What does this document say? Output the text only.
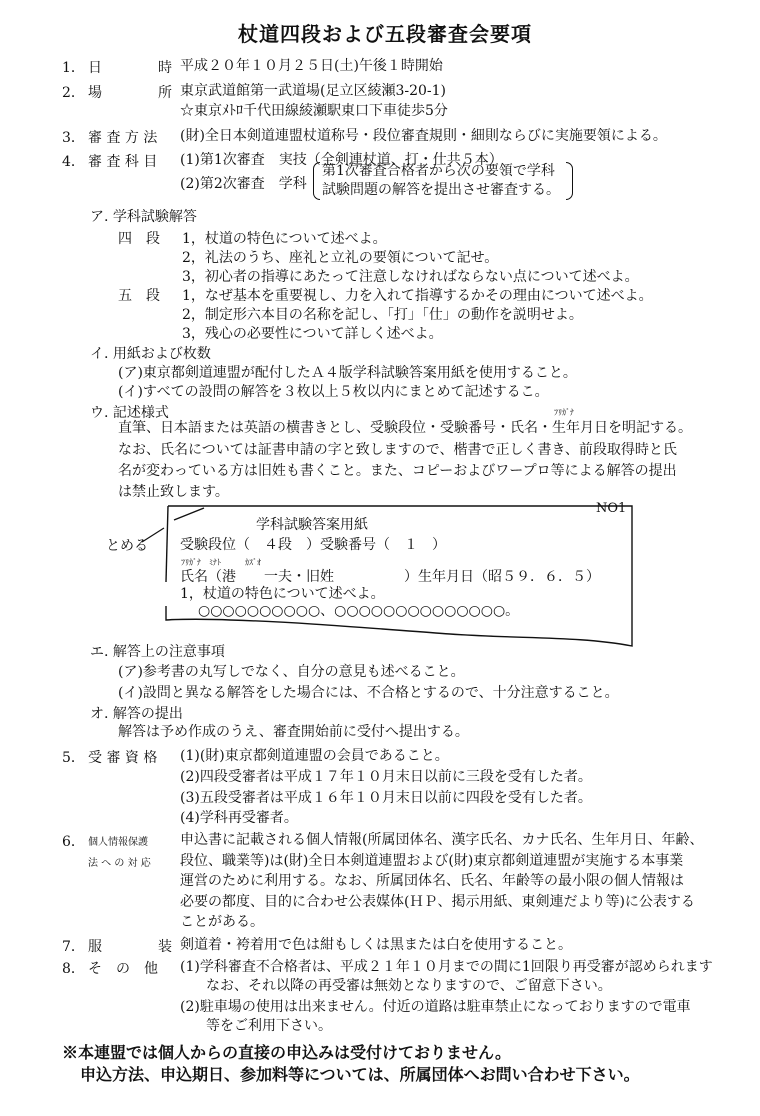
杖道四段および五段審査会要項
1． 日　　　　時 平成２０年１０月２５日(土)午後１時開始
2． 場　　　　所 東京武道館第一武道場(足立区綾瀬3-20-1)
☆東京ﾒﾄﾛ千代田線綾瀬駅東口下車徒歩5分
3． 審 査 方 法 (財)全日本剣道連盟杖道称号・段位審査規則・細則ならびに実施要領による。
4． 審 査 科 目 (1)第1次審査　実技（全剣連杖道、打・仕共５本）
(2)第2次審査　学科
第1次審査合格者から次の要領で学科
試験問題の解答を提出させ審査する。
ア. 学科試験解答
四　段 1，杖道の特色について述べよ。
2，礼法のうち、座礼と立礼の要領について記せ。
3，初心者の指導にあたって注意しなければならない点について述べよ。
五　段 1，なぜ基本を重要視し、力を入れて指導するかその理由について述べよ。
2，制定形六本目の名称を記し、「打」「仕」の動作を説明せよ。
3，残心の必要性について詳しく述べよ。
イ. 用紙および枚数
(ア)東京都剣道連盟が配付したＡ４版学科試験答案用紙を使用すること。
(イ)すべての設問の解答を３枚以上５枚以内にまとめて記述するこ。
ウ. 記述様式	ﾌﾘｶﾞﾅ
直筆、日本語または英語の横書きとし、受験段位・受験番号・氏名・生年月日を明記する。
なお、氏名については証書申請の字と致しますので、楷書で正しく書き、前段取得時と氏
名が変わっている方は旧姓も書くこと。また、コピーおよびワープロ等による解答の提出
は禁止致します。
NO1
とめる
学科試験答案用紙
受験段位（　４段　）受験番号（　１　）
ﾌﾘｶﾞﾅ　ﾐﾅﾄ　　　ｶｽﾞｵ
氏名（港　　一夫・旧姓　　　　　）生年月日（昭５９．６．５）
1，杖道の特色について述べよ。
○○○○○○○○○○、○○○○○○○○○○○○○○。
エ. 解答上の注意事項
(ア)参考書の丸写しでなく、自分の意見も述べること。
(イ)設問と異なる解答をした場合には、不合格とするので、十分注意すること。
オ. 解答の提出
解答は予め作成のうえ、審査開始前に受付へ提出する。
5． 受 審 資 格 (1)(財)東京都剣道連盟の会員であること。
(2)四段受審者は平成１７年１０月末日以前に三段を受有した者。
(3)五段受審者は平成１６年１０月末日以前に四段を受有した者。
(4)学科再受審者。
6． 個人情報保護
法 へ の 対 応
申込書に記載される個人情報(所属団体名、漢字氏名、カナ氏名、生年月日、年齢、
段位、職業等)は(財)全日本剣道連盟および(財)東京都剣道連盟が実施する本事業
運営のために利用する。なお、所属団体名、氏名、年齢等の最小限の個人情報は
必要の都度、目的に合わせ公表媒体(ＨＰ、掲示用紙、東剣連だより等)に公表する
ことがある。
7． 服　　　　装 剣道着・袴着用で色は紺もしくは黒または白を使用すること。
8． そ　の　他 (1)学科審査不合格者は、平成２１年１０月までの間に1回限り再受審が認められます
なお、それ以降の再受審は無効となりますので、ご留意下さい。
(2)駐車場の使用は出来ません。付近の道路は駐車禁止になっておりますので電車
等をご利用下さい。
※本連盟では個人からの直接の申込みは受付けておりません。
申込方法、申込期日、参加料等については、所属団体へお問い合わせ下さい。
